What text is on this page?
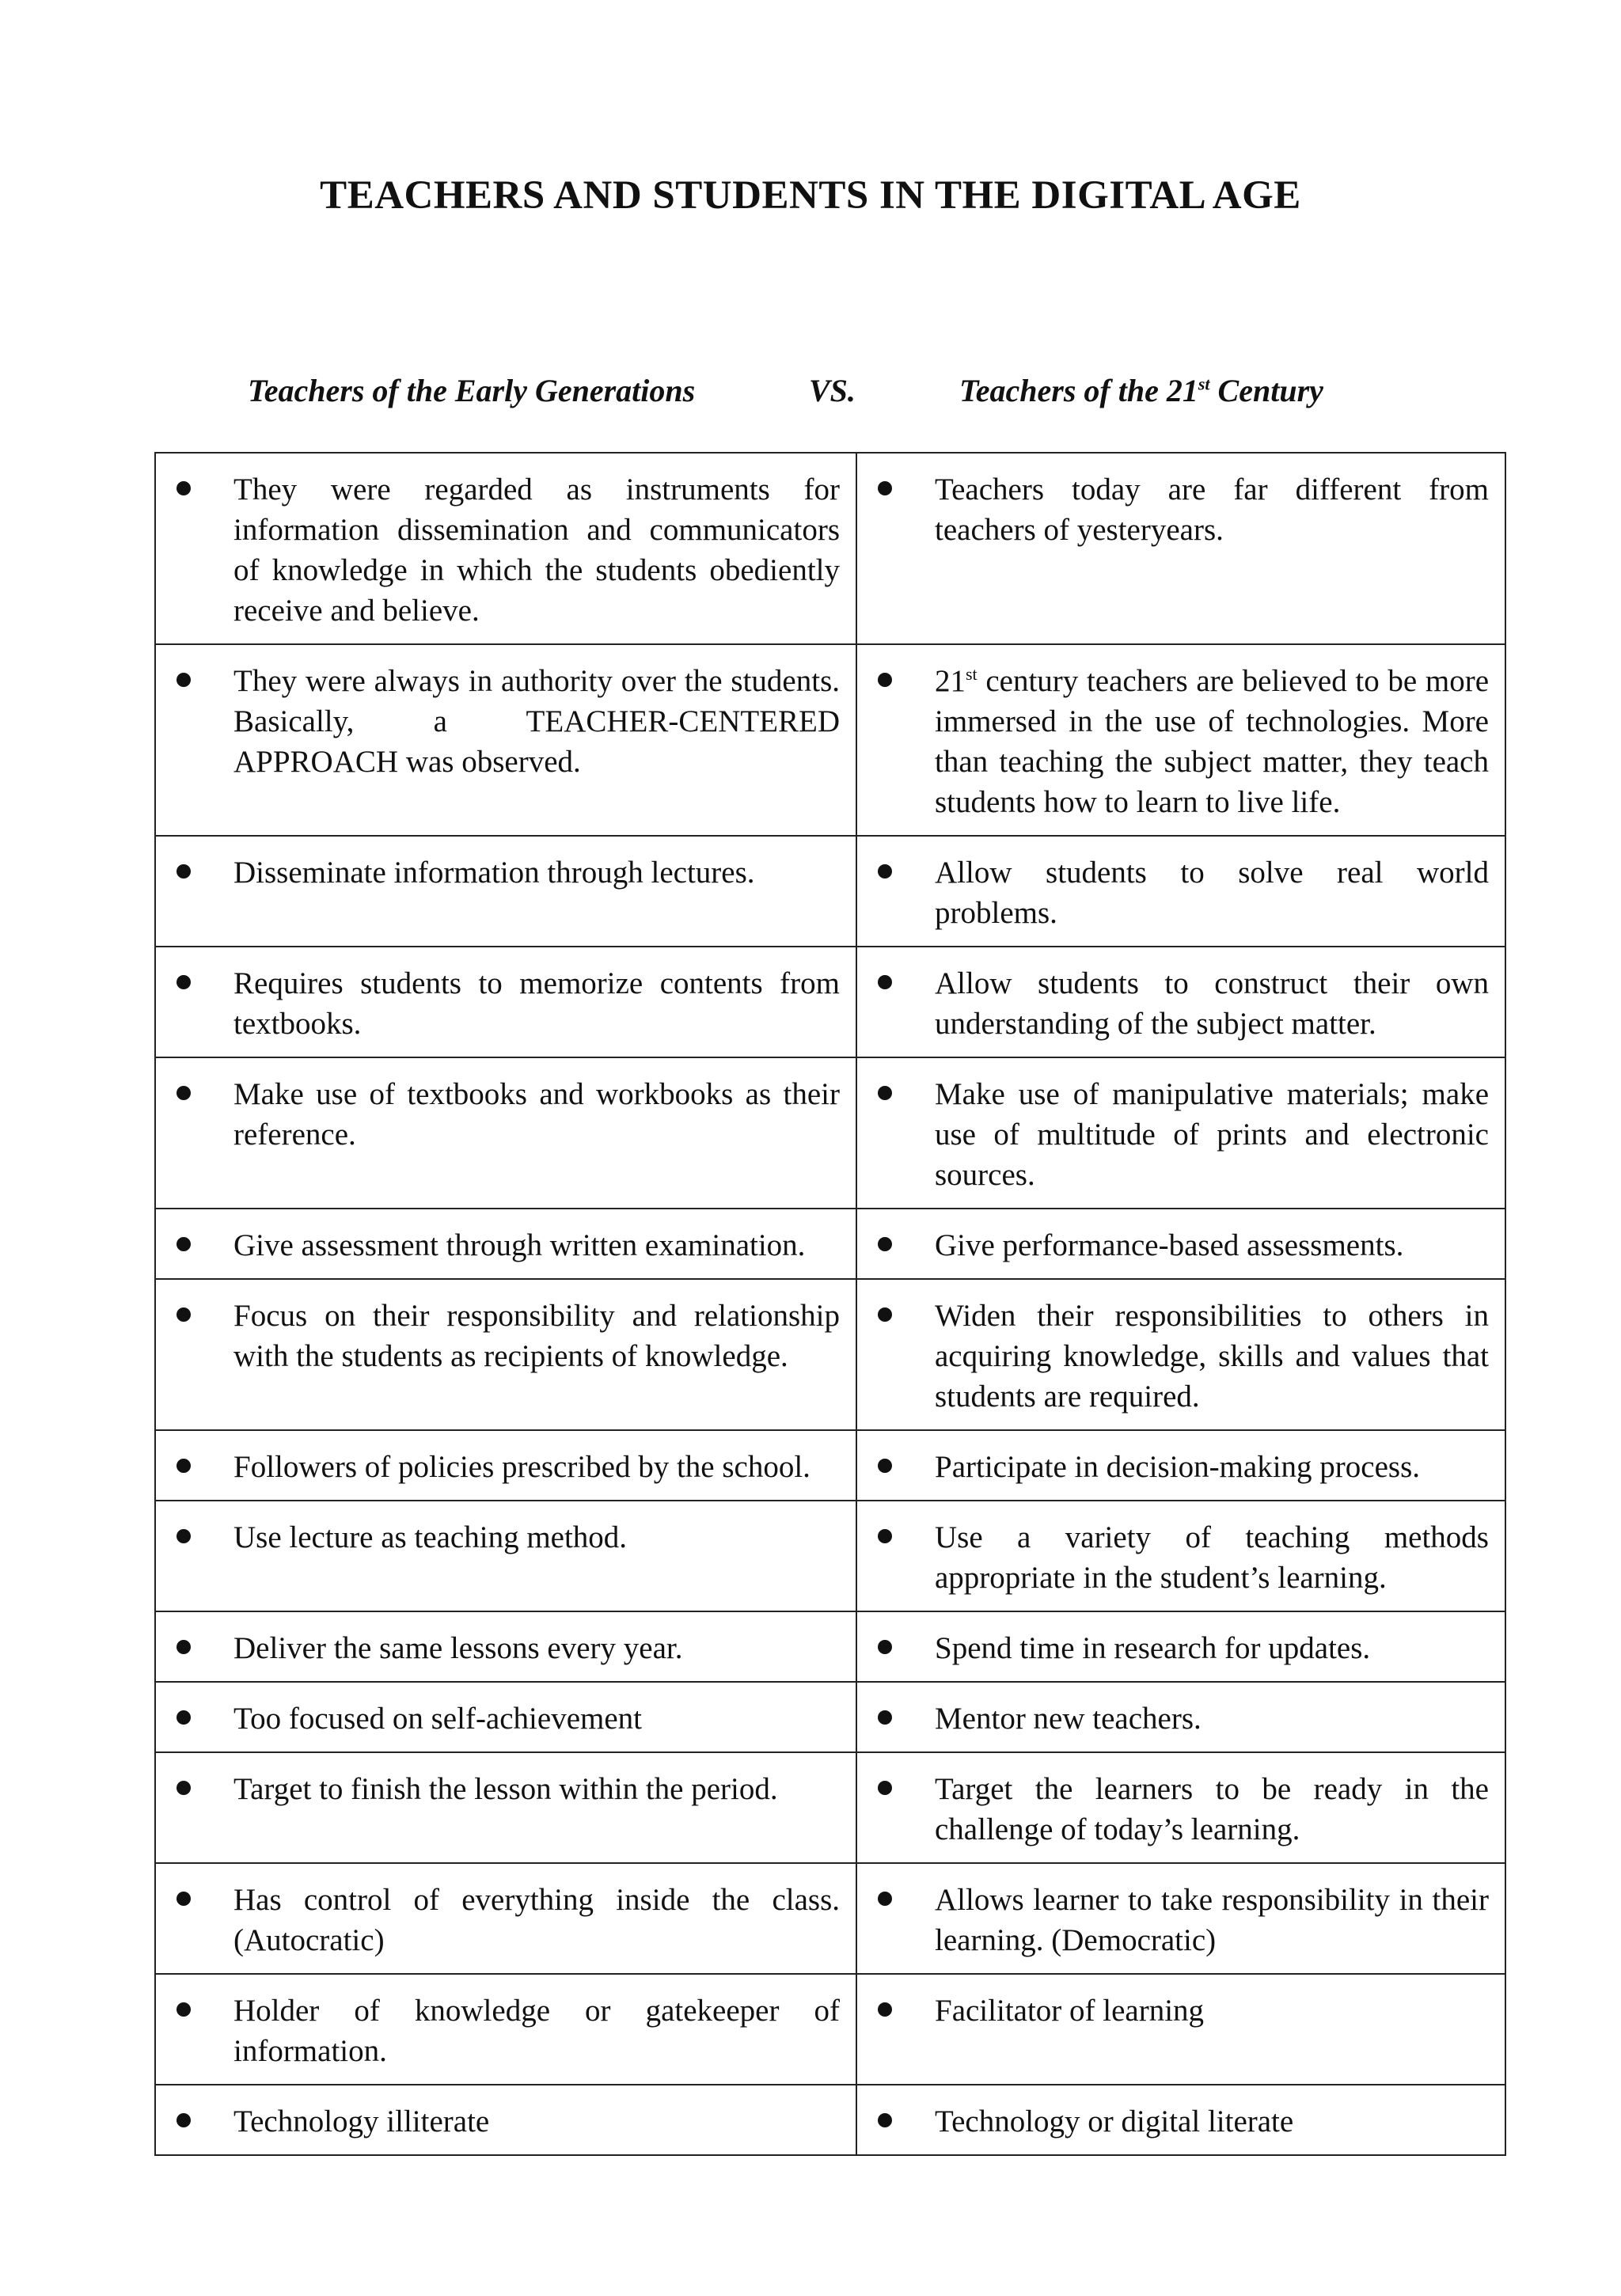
TEACHERS AND STUDENTS IN THE DIGITAL AGE
Teachers of the Early Generations	VS.	Teachers of the 21st Century
They were regarded as instruments for information dissemination and communicators of knowledge in which the students obediently receive and believe.	Teachers today are far different from teachers of yesteryears.

They were always in authority over the students. Basically, a TEACHER-CENTERED APPROACH was observed.	21st century teachers are believed to be more immersed in the use of technologies. More than teaching the subject matter, they teach students how to learn to live life.

Disseminate information through lectures.	Allow students to solve real world problems.

Requires students to memorize contents from textbooks.	Allow students to construct their own understanding of the subject matter.

Make use of textbooks and workbooks as their reference.	Make use of manipulative materials; make use of multitude of prints and electronic sources.

Give assessment through written examination.	Give performance-based assessments.

Focus on their responsibility and relationship with the students as recipients of knowledge.	Widen their responsibilities to others in acquiring knowledge, skills and values that students are required.

Followers of policies prescribed by the school.	Participate in decision-making process.

Use lecture as teaching method.	Use a variety of teaching methods appropriate in the student’s learning.

Deliver the same lessons every year.	Spend time in research for updates.

Too focused on self-achievement	Mentor new teachers.

Target to finish the lesson within the period.	Target the learners to be ready in the challenge of today’s learning.

Has control of everything inside the class. (Autocratic)	Allows learner to take responsibility in their learning. (Democratic)

Holder of knowledge or gatekeeper of information.	Facilitator of learning

Technology illiterate	Technology or digital literate
